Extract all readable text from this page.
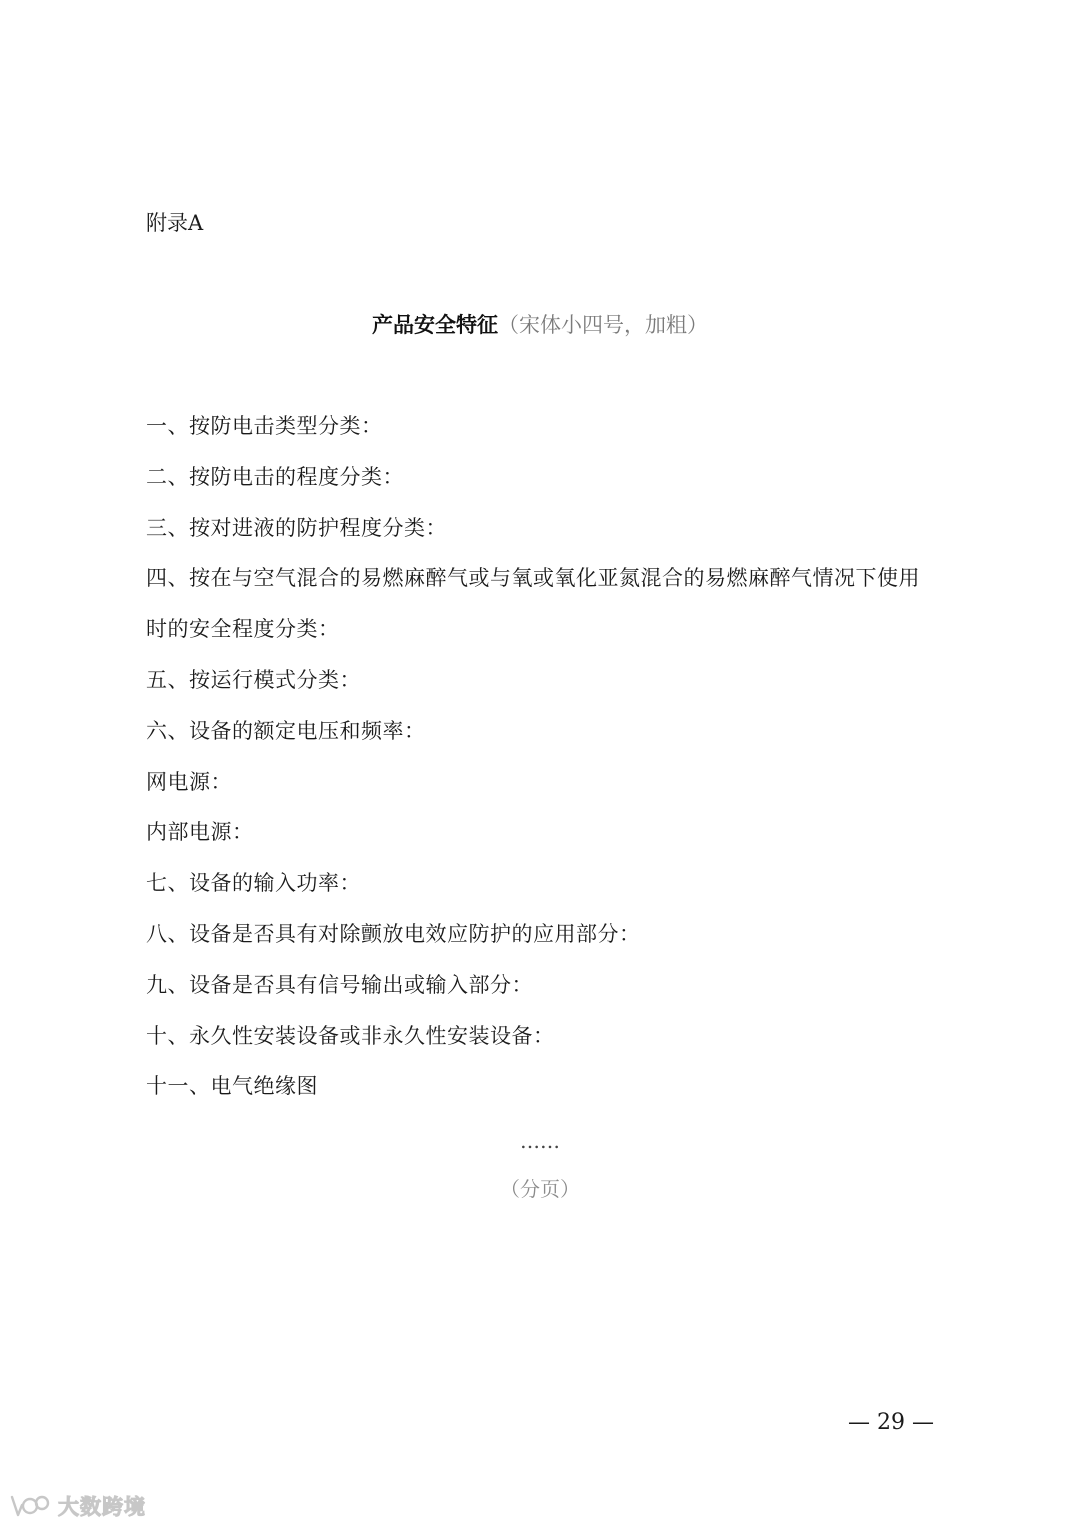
附录A
产品安全特征（宋体小四号，加粗）
一、按防电击类型分类：
二、按防电击的程度分类：
三、按对进液的防护程度分类：
四、按在与空气混合的易燃麻醉气或与氧或氧化亚氮混合的易燃麻醉气情况下使用
时的安全程度分类：
五、按运行模式分类：
六、设备的额定电压和频率：
网电源：
内部电源：
七、设备的输入功率：
八、设备是否具有对除颤放电效应防护的应用部分：
九、设备是否具有信号输出或输入部分：
十、永久性安装设备或非永久性安装设备：
十一、电气绝缘图
……
（分页）
— 29 —
大数跨境
